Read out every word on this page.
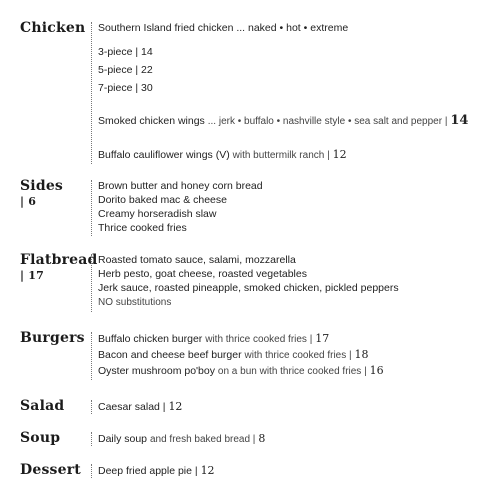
Chicken Southern Island fried chicken ... naked • hot • extreme
3-piece | 14
5-piece | 22
7-piece | 30
Smoked chicken wings ... jerk • buffalo • nashville style • sea salt and pepper | 14
Buffalo cauliflower wings (V) with buttermilk ranch | 12
Sides
| 6
Brown butter and honey corn bread
Dorito baked mac & cheese
Creamy horseradish slaw
Thrice cooked fries
Flatbread
| 17
Roasted tomato sauce, salami, mozzarella
Herb pesto, goat cheese, roasted vegetables
Jerk sauce, roasted pineapple, smoked chicken, pickled peppers
NO substitutions
Burgers Buffalo chicken burger with thrice cooked fries | 17
Bacon and cheese beef burger with thrice cooked fries | 18
Oyster mushroom po'boy on a bun with thrice cooked fries | 16
Salad	Caesar salad | 12
Soup	Daily soup and fresh baked bread | 8
Dessert Deep fried apple pie | 12
